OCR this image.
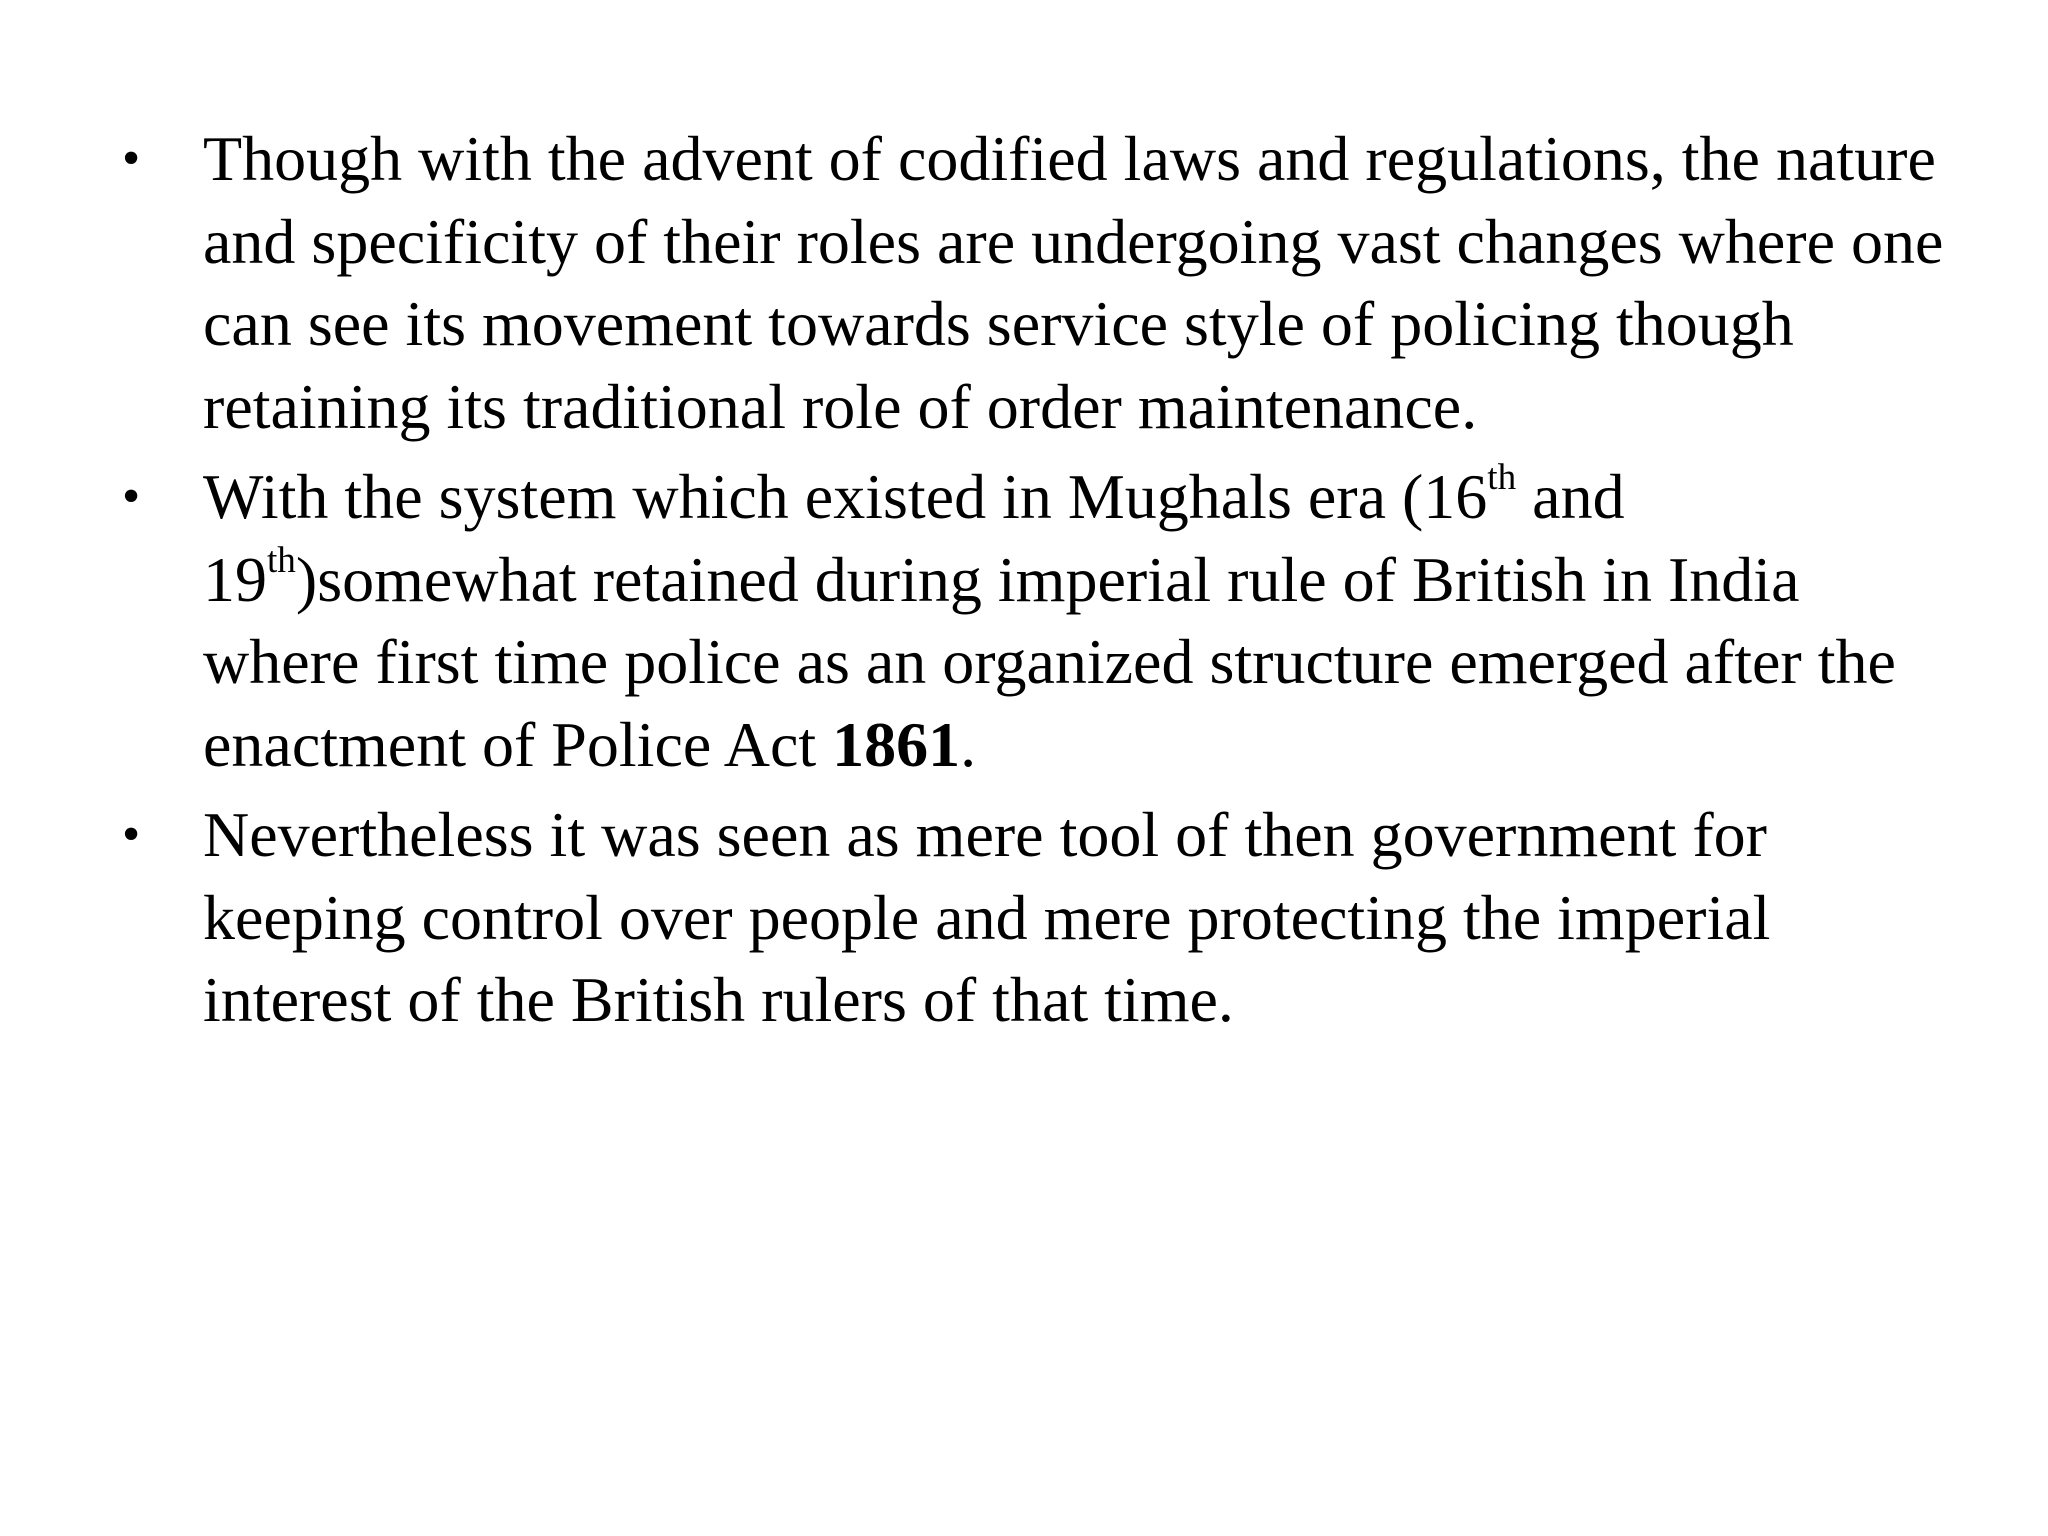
• Though with the advent of codified laws and regulations, the nature and specificity of their roles are undergoing vast changes where one can see its movement towards service style of policing though retaining its traditional role of order maintenance.
• With the system which existed in Mughals era (16th and 19th)somewhat retained during imperial rule of British in India where first time police as an organized structure emerged after the enactment of Police Act 1861.
• Nevertheless it was seen as mere tool of then government for keeping control over people and mere protecting the imperial interest of the British rulers of that time.
